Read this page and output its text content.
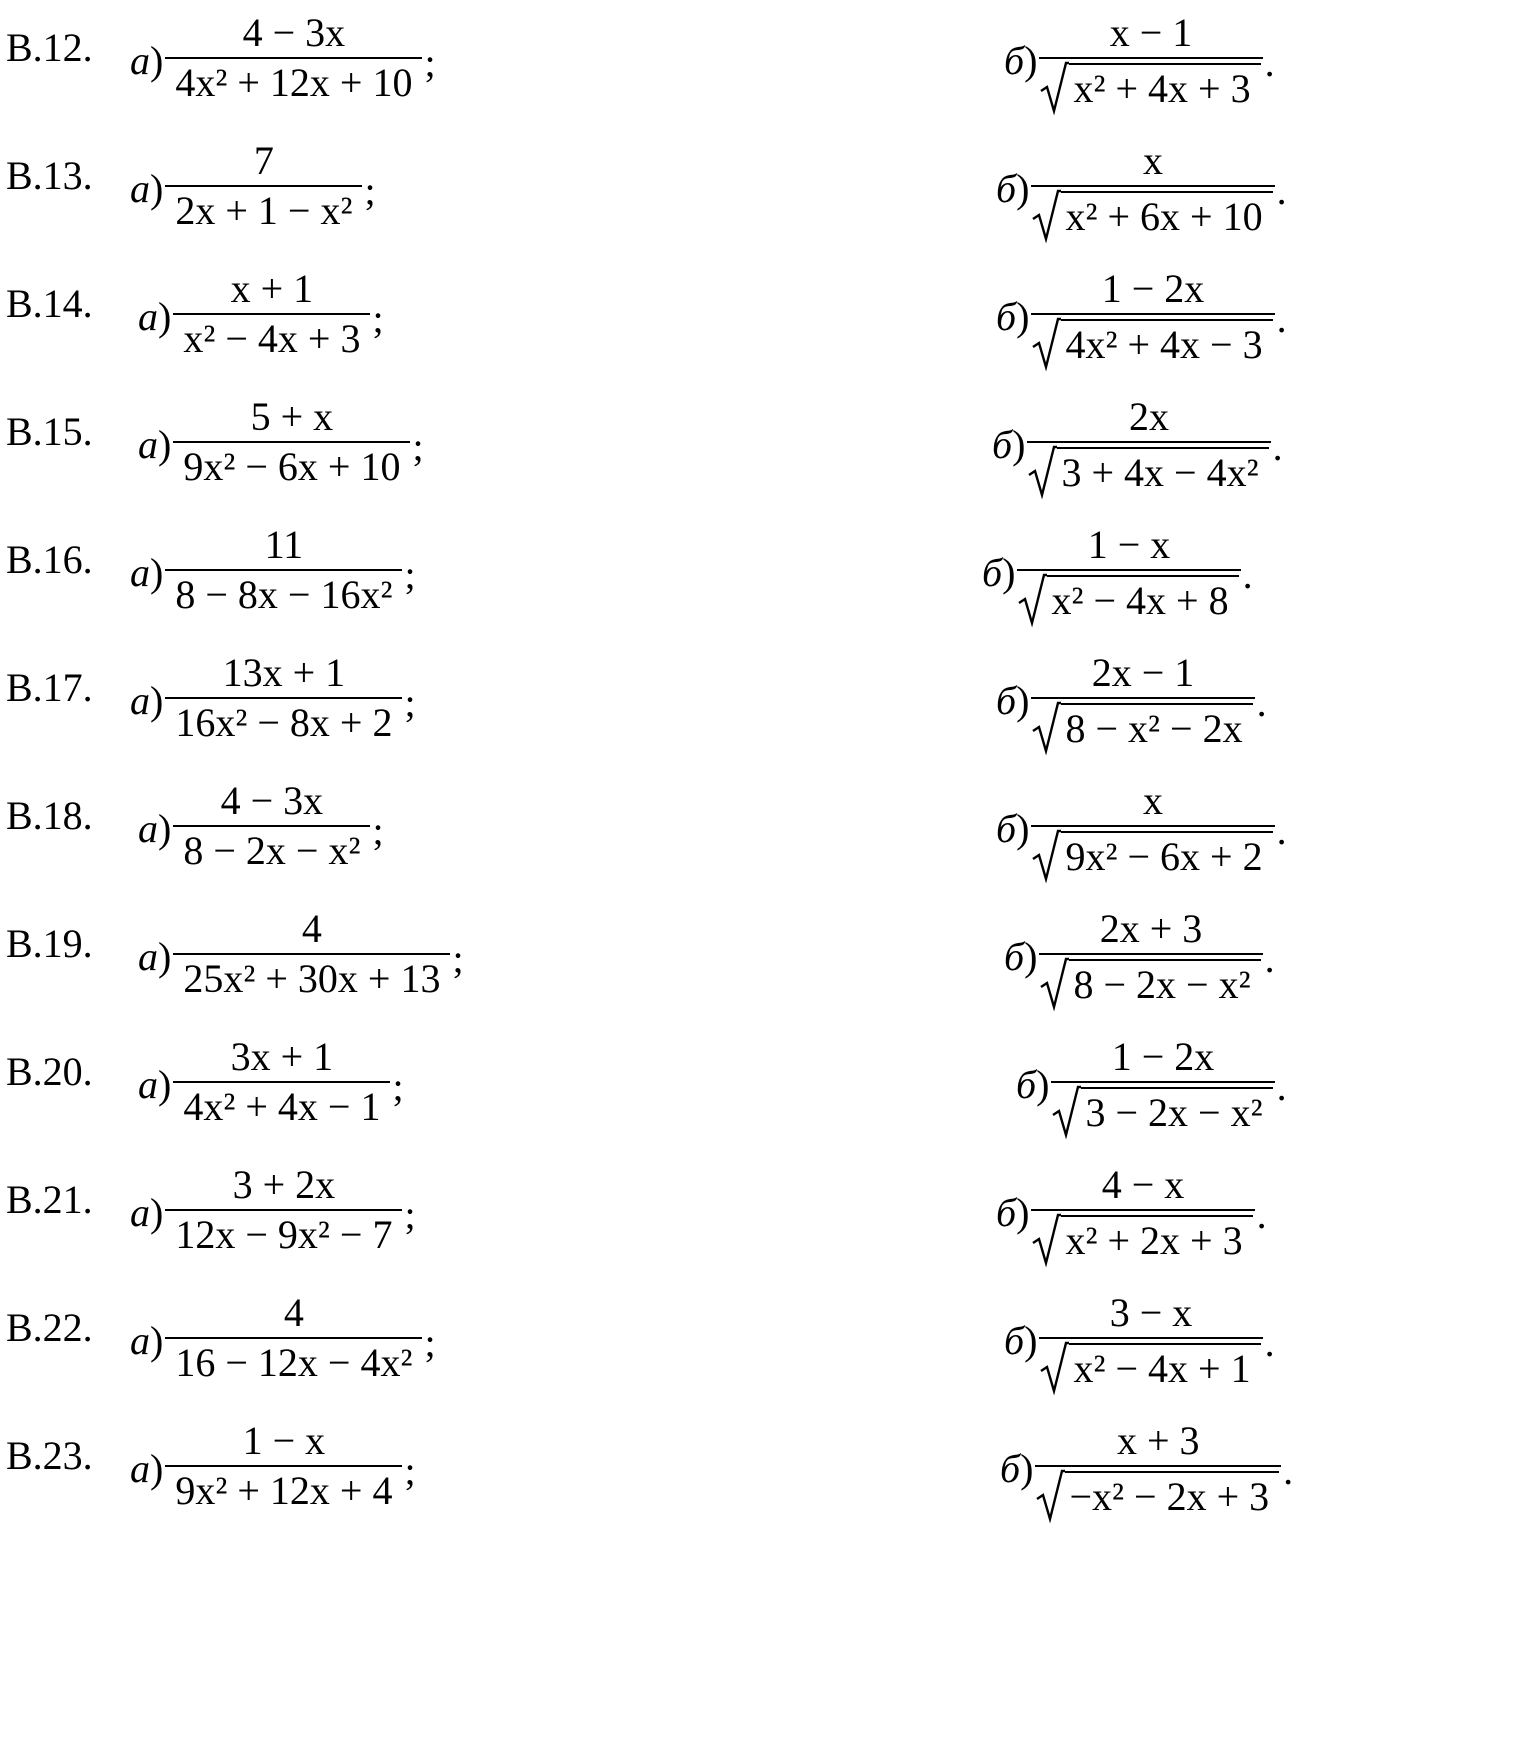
В.12. $а) \frac{4 - 3x}{\text{4x² + 12x + 10}}$ ;	$б) \frac{x - 1}{\text{x² + 4x + 3}}$ .
В.13. $а) \frac{7}{\text{2x + 1 − x²}}$ ;	$б) \frac{x}{\text{x² + 6x + 10}}$ .
В.14. $а) \frac{x + 1}{\text{x² − 4x + 3}}$ ;	$б) \frac{1 - 2x}{\text{4x² + 4x − 3}}$ .
В.15. $а) \frac{5 + x}{\text{9x² − 6x + 10}}$ ;	$б) \frac{2x}{\text{3 + 4x − 4x²}}$ .
В.16. $а) \frac{11}{\text{8 − 8x − 16x²}}$ ;	$б) \frac{1 - x}{\text{x² − 4x + 8}}$ .
В.17. $а) \frac{13x + 1}{\text{16x² − 8x + 2}}$ ;	$б) \frac{2x - 1}{\text{8 − x² − 2x}}$ .
В.18. $а) \frac{4 - 3x}{\text{8 − 2x − x²}}$ ;	$б) \frac{x}{\text{9x² − 6x + 2}}$ .
В.19. $а) \frac{4}{\text{25x² + 30x + 13}}$ ;	$б) \frac{2x + 3}{\text{8 − 2x − x²}}$ .
В.20. $а) \frac{3x + 1}{\text{4x² + 4x − 1}}$ ;	$б) \frac{1 - 2x}{\text{3 − 2x − x²}}$ .
В.21. $а) \frac{3 + 2x}{\text{12x − 9x² − 7}}$ ;	$б) \frac{4 - x}{\text{x² + 2x + 3}}$ .
В.22. $а) \frac{4}{\text{16 − 12x − 4x²}}$ ;	$б) \frac{3 - x}{\text{x² − 4x + 1}}$ .
В.23. $а) \frac{1 - x}{\text{9x² + 12x + 4}}$ ;	$б) \frac{x + 3}{\text{−x² − 2x + 3}}$ .
